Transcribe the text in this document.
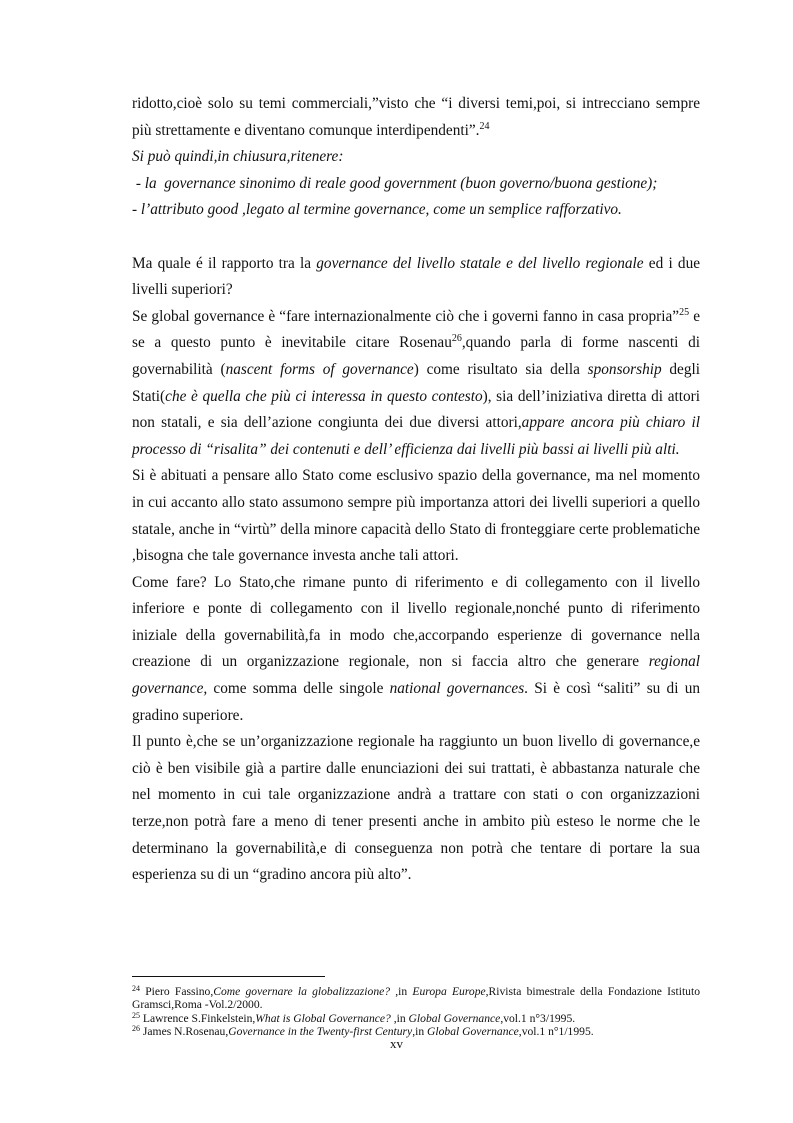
ridotto,cioè solo su temi commerciali,”visto che “i diversi temi,poi, si intrecciano sempre più strettamente e diventano comunque interdipendenti”.$^{24}$

Si può quindi,in chiusura,ritenere:

- la  governance sinonimo di reale good government (buon governo/buona gestione);

- l’attributo good ,legato al termine governance, come un semplice rafforzativo.

Ma quale é il rapporto tra la governance del livello statale e del livello regionale ed i due livelli superiori?

Se global governance è “fare internazionalmente ciò che i governi fanno in casa propria”$^{25}$ e se a questo punto è inevitabile citare Rosenau$^{26}$,quando parla di forme nascenti di governabilità (nascent forms of governance) come risultato sia della sponsorship degli Stati(che è quella che più ci interessa in questo contesto), sia dell’iniziativa diretta di attori non statali, e sia dell’azione congiunta dei due diversi attori,appare ancora più chiaro il processo di “risalita” dei contenuti e dell’ efficienza dai livelli più bassi ai livelli più alti.

Si è abituati a pensare allo Stato come esclusivo spazio della governance, ma nel momento in cui accanto allo stato assumono sempre più importanza attori dei livelli superiori a quello statale, anche in “virtù” della minore capacità dello Stato di fronteggiare certe problematiche ,bisogna che tale governance investa anche tali attori.

Come fare? Lo Stato,che rimane punto di riferimento e di collegamento con il livello inferiore e ponte di collegamento con il livello regionale,nonché punto di riferimento iniziale della governabilità,fa in modo che,accorpando esperienze di governance nella creazione di un organizzazione regionale, non si faccia altro che generare regional governance, come somma delle singole national governances. Si è così “saliti” su di un gradino superiore.

Il punto è,che se un’organizzazione regionale ha raggiunto un buon livello di governance,e ciò è ben visibile già a partire dalle enunciazioni dei sui trattati, è abbastanza naturale che nel momento in cui tale organizzazione andrà a trattare con stati o con organizzazioni terze,non potrà fare a meno di tener presenti anche in ambito più esteso le norme che le determinano la governabilità,e di conseguenza non potrà che tentare di portare la sua esperienza su di un “gradino ancora più alto”.

$^{24}$ Piero Fassino,Come governare la globalizzazione? ,in Europa Europe,Rivista bimestrale della Fondazione Istituto Gramsci,Roma -Vol.2/2000.

$^{25}$ Lawrence S.Finkelstein,What is Global Governance? ,in Global Governance,vol.1 n°3/1995.

$^{26}$ James N.Rosenau,Governance in the Twenty-first Century,in Global Governance,vol.1 n°1/1995.

xv
